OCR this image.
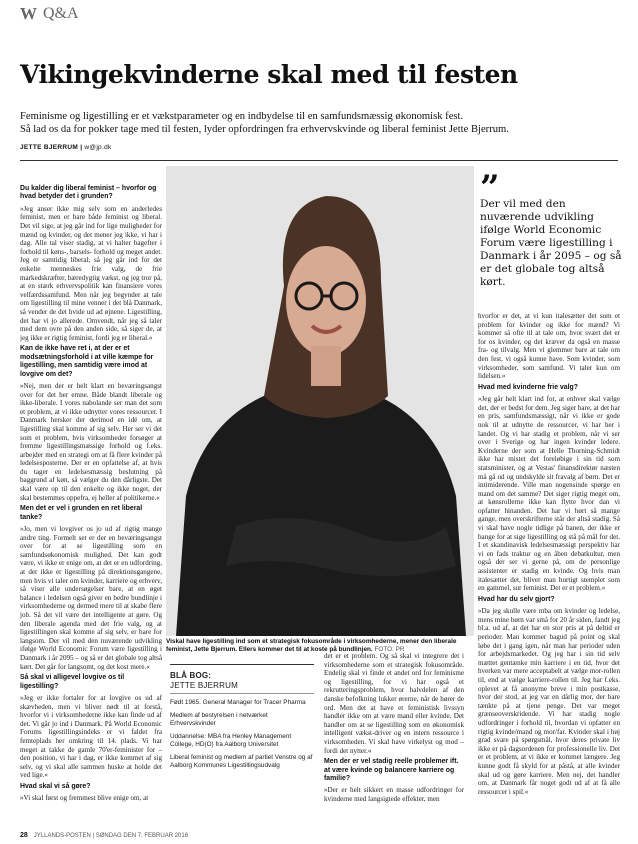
W Q&A
Vikingekvinderne skal med til festen
Feminisme og ligestilling er et vækstparameter og en indbydelse til en samfundsmæssig økonomisk fest.
Så lad os da for pokker tage med til festen, lyder opfordringen fra erhvervskvinde og liberal feminist Jette Bjerrum.
JETTE BJERRUM | w@jp.dk

Du kalder dig liberal feminist – hvorfor og hvad betyder det i grunden?

»Jeg anser ikke mig selv som en anderledes feminist, men er bare både feminist og liberal. Det vil sige, at jeg går ind for lige muligheder for mænd og kvinder, og det mener jeg ikke, vi har i dag. Alle tal viser stadig, at vi halter bagefter i forhold til køns-, barsels- forhold og meget andet. Jeg er samtidig liberal, så jeg går ind for det enkelte menneskes frie valg, de frie markedskræfter, bæredygtig vækst, og jeg tror på, at en stærk erhvervspolitik kan finansiere vores velfærdssamfund. Men når jeg begynder at tale om ligestilling til mine venner i det blå Danmark, så vender de det hvide ud ad øjnene. Ligestilling, det har vi jo allerede. Omvendt, når jeg så taler med dem ovre på den anden side, så siger de, at jeg ikke er rigtig feminist, fordi jeg er liberal.«

Kan de ikke have ret i, at der er et modsætningsforhold i at ville kæmpe for ligestilling, men samtidig være imod at lovgive om det?

»Nej, men der er helt klart en beværingsangst over for det her emne. Både blandt liberale og ikke-liberale. I vores nabolande ser man det som et problem, at vi ikke udnytter vores ressourcer. I Danmark hersker der derimod en idé om, at ligestilling skal komme af sig selv. Her ser vi det som et problem, hvis virksomheder forsøger at fremme ligestillingsmæssige forhold og f.eks. arbejder med en strategi om at få flere kvinder på ledelsesposterne. Der er en opfattelse af, at hvis du tager en ledelsesmæssig beslutning på baggrund af køn, så vælger du den dårligste. Det skal være op til den enkelte og ikke noget, der skal bestemmes oppefra, ej heller af politikerne.«

Men det er vel i grunden en ret liberal tanke?

»Jo, men vi lovgiver os jo ud af rigtig mange andre ting. Formelt set er der en beværingsangst over for at se ligestilling som en samfundsøkonomisk mulighed. Det kan godt være, vi ikke er enige om, at det er en udfordring, at der ikke er ligestilling på direktionsgangene, men hvis vi taler om kvinder, karriere og erhverv, så viser alle undersøgelser bare, at en øget balance i ledelsen også giver en bedre bundlinje i virksomhederne og dermed mere til at skabe flere job. Så det vil være det intelligente at gøre. Og den liberale agenda med det frie valg, og at ligestillingen skal komme af sig selv, er bare for langsom. Der vil med den nuværende udvikling ifølge World Economic Forum være ligestilling i Danmark i år 2095 – og så er det globale tog altså kørt. Det går for langsomt, og det kost mere.«

Så skal vi alligevel lovgive os til ligestilling?

»Jeg er ikke fortaler for at lovgive os ud af skævheden, men vi bliver nødt til at forstå, hvorfor vi i virksomhederne ikke kan finde ud af det. Vi går jo ind i Danmark. På World Economic Forums ligestillingsindeks er vi faldet fra femteplads her omkring til 14. plads. Vi har meget at takke de gamle 70'er-feminister for – den position, vi har i dag, er ikke kommet af sig selv, og vi skal alle sammen huske at holde det ved lige.«

Hvad skal vi så gøre?

»Vi skal først og fremmest blive enige om, at

Viskal have ligestilling ind som et strategisk fokusområde i virksomhederne, mener den liberale feminist, Jette Bjerrum. Ellers kommer det til at koste på bundlinjen. FOTO: PR
”
Der vil med den nuværende udvikling ifølge World Economic Forum være ligestilling i Danmark i år 2095 – og så er det globale tog altså kørt.
BLÅ BOG:
JETTE BJERRUM
Født 1965. General Manager for Tracer Pharma
Medlem af bestyrelsen i netværket Erhvervskvinder
Uddannelse: MBA fra Henley Management College, HD(O) fra Aalborg Universitet
Liberal feminist og medlem af partiet Venstre og af Aalborg Kommunes Ligestillingsudvalg

det er et problem. Og så skal vi integrere det i virksomhederne som et strategisk fokusområde. Endelig skal vi finde et andet ord for feminisme og ligestilling, for vi har også et rekrutteringsproblem, hvor halvdelen af den danske befolkning lukker ørerne, når de hører de ord. Men det at have et feministisk livssyn handler ikke om at være mand eller kvinde. Det handler om at se ligestilling som en økonomisk intelligent vækst-driver og en intern ressource i virksomheden. Vi skal have virkelyst og mod – fordi det nytter.«

Men der er vel stadig reelle problemer ift. at være kvinde og balancere karriere og familie?

»Der er helt sikkert en masse udfordringer for kvinderne med langsigtede effekter, men

hvorfor er det, at vi kun italesætter det som et problem for kvinder og ikke for mænd? Vi kommer så ofte til at tale om, hvor svært det er for os kvinder, og det kræver da også en masse fra- og tilvalg. Men vi glemmer bare at tale om den fest, vi også kunne have. Som kvinder, som virksomheder, som samfund. Vi taler kun om lidelsen.«

Hvad med kvinderne frie valg?

»Jeg går helt klart ind for, at enhver skal vælge det, der er bedst for dem. Jeg siger bare, at det har en pris, samfundsmæssigt, når vi ikke er gode nok til at udnytte de ressourcer, vi har her i landet. Og vi har stadig et problem, når vi ser over i Sverige og har ingen kvinder ledere. Kvinderne der som at Helle Thorning-Schmidt ikke har mistet det foreløbige i sin tid som statsminister, og at Vestas' finansdirektør næsten må gå ud og undskylde sit fravalg af børn. Det er intimiderende. Ville man nogensinde spørge en mand om det samme? Det siger rigtig meget om, at kønsrollerne ikke kan flytte hvor dan vi opfatter hinanden. Det har vi hørt så mange gange, men overskrifterne står der altså stadig. Så vi skal have nogle tidlige på banen, der ikke er bange for at sige ligestilling og stå på mål for det. I et skandinavisk ledelsesmæssigt perspektiv har vi en fads traktur og en åben debatkultur, men også der ser vi gerne på, om de personlige assistenter er stadig en kvinde. Og hvis man italesætter det, bliver man hurtigt stemplet som en gammel, sur feminist. Det er et problem.«

Hvad har du selv gjort?

»Da jeg skulle være mba om kvinder og ledelse, mens mine børn var små for 20 år siden, fandt jeg bl.a. ud af, at det har en stor pris at på deltid er perioder. Man kommer bagud på point og skal løbe det i gang igen, når man har perioder uden for arbejdsmarkedet. Og jeg har i sin tid selv mættet gentænke min karriere i en tid, hvor det hverken var mere acceptabelt at vælge mor-rollen til, end at vælge karriere-rollen til. Jeg har f.eks. oplevet at få anonyme breve i min postkasse, hvor der stod, at jeg var en dårlig mor, der bare tænkte på at tjene penge. Det var meget grænseoverskridende. Vi har stadig nogle udfordringer i forhold til, hvordan vi opfatter en rigtig kvinde/mand og mor/far. Kvinder skal i høj grad svare på spørgsmål, hvor deres private liv ikke er på dagsordenen for professionelle liv. Det er et problem, at vi ikke er kommet længere. Jeg kunne godt få skyld for at påstå, at alle kvinder skal ud og gøre karriere. Men nej, det handler om, at Danmark får noget godt ud af at få alle ressourcer i spil.«

28 JYLLANDS-POSTEN | SØNDAG DEN 7. FEBRUAR 2016
